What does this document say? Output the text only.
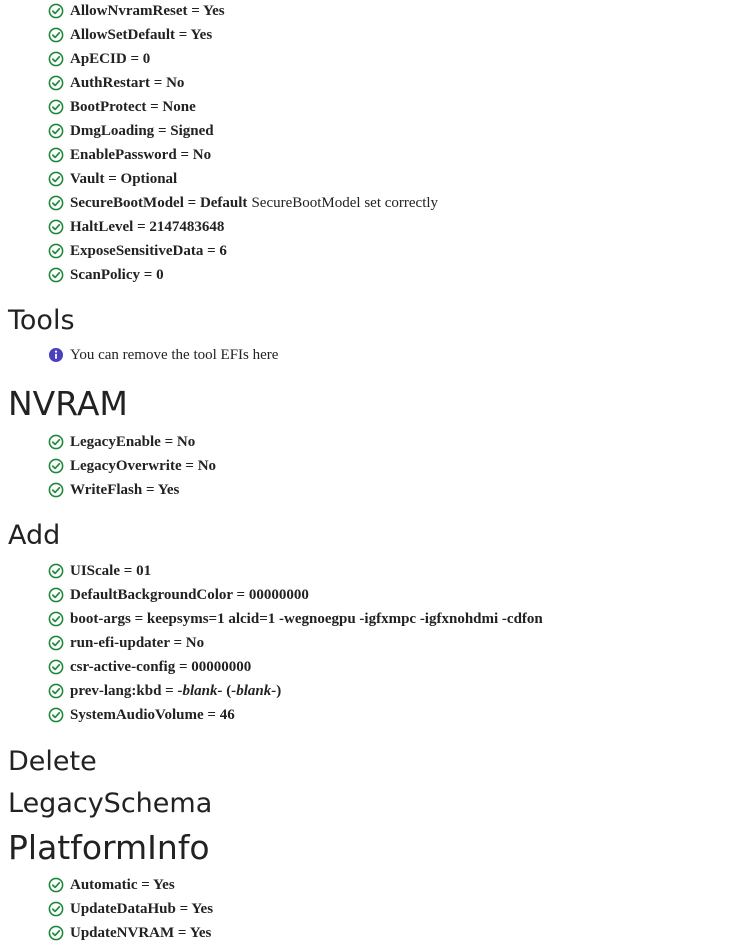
AllowNvramReset = Yes
AllowSetDefault = Yes
ApECID = 0
AuthRestart = No
BootProtect = None
DmgLoading = Signed
EnablePassword = No
Vault = Optional
SecureBootModel = Default SecureBootModel set correctly
HaltLevel = 2147483648
ExposeSensitiveData = 6
ScanPolicy = 0
Tools
You can remove the tool EFIs here
NVRAM
LegacyEnable = No
LegacyOverwrite = No
WriteFlash = Yes
Add
UIScale = 01
DefaultBackgroundColor = 00000000
boot-args = keepsyms=1 alcid=1 -wegnoegpu -igfxmpc -igfxnohdmi -cdfon
run-efi-updater = No
csr-active-config = 00000000
prev-lang:kbd = -blank- (-blank-)
SystemAudioVolume = 46
Delete
LegacySchema
PlatformInfo
Automatic = Yes
UpdateDataHub = Yes
UpdateNVRAM = Yes
